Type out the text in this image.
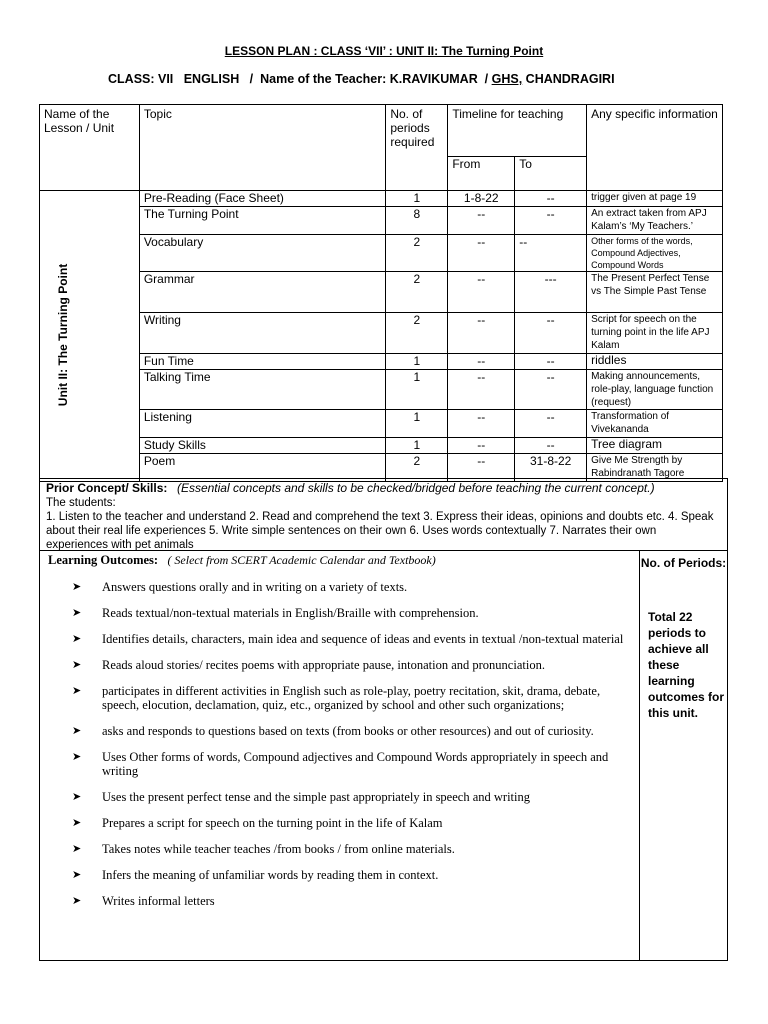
LESSON PLAN : CLASS ‘VII’ : UNIT II: The Turning Point
CLASS: VII   ENGLISH   /  Name of the Teacher: K.RAVIKUMAR  / GHS, CHANDRAGIRI
Name of the Lesson / Unit	Topic	No. of periods required	Timeline for teaching		Any specific information
			From	To	

Unit II: The Turning Point	Pre-Reading (Face Sheet)	1	1-8-22	--	trigger given at page 19
	The Turning Point	8	--	--	An extract taken from APJ Kalam’s ‘My Teachers.’
	Vocabulary	2	--	--	Other forms of the words, Compound Adjectives, Compound Words
	Grammar	2	--	---	The Present Perfect Tense vs The Simple Past Tense
	Writing	2	--	--	Script for speech on the turning point in the life APJ Kalam
	Fun Time	1	--	--	riddles
	Talking Time	1	--	--	Making announcements, role-play, language function (request)
	Listening	1	--	--	Transformation of Vivekananda
	Study Skills	1	--	--	Tree diagram
	Poem	2	--	31-8-22	Give Me Strength by Rabindranath Tagore
Prior Concept/ Skills: (Essential concepts and skills to be checked/bridged before teaching the current concept.)
The students:
1. Listen to the teacher and understand 2. Read and comprehend the text 3. Express their ideas, opinions and doubts etc. 4. Speak about their real life experiences 5. Write simple sentences on their own 6. Uses words contextually 7. Narrates their own experiences with pet animals
Learning Outcomes: ( Select from SCERT Academic Calendar and Textbook)
➤ Answers questions orally and in writing on a variety of texts.
➤ Reads textual/non-textual materials in English/Braille with comprehension.
➤ Identifies details, characters, main idea and sequence of ideas and events in textual /non-textual material
➤ Reads aloud stories/ recites poems with appropriate pause, intonation and pronunciation.
➤ participates in different activities in English such as role-play, poetry recitation, skit, drama, debate, speech, elocution, declamation, quiz, etc., organized by school and other such organizations;
➤ asks and responds to questions based on texts (from books or other resources) and out of curiosity.
➤ Uses Other forms of words, Compound adjectives and Compound Words appropriately in speech and writing
➤ Uses the present perfect tense and the simple past appropriately in speech and writing
➤ Prepares a script for speech on the turning point in the life of Kalam
➤ Takes notes while teacher teaches /from books / from online materials.
➤ Infers the meaning of unfamiliar words by reading them in context.
➤ Writes informal letters
No. of Periods:
Total 22 periods to achieve all these learning outcomes for this unit.
